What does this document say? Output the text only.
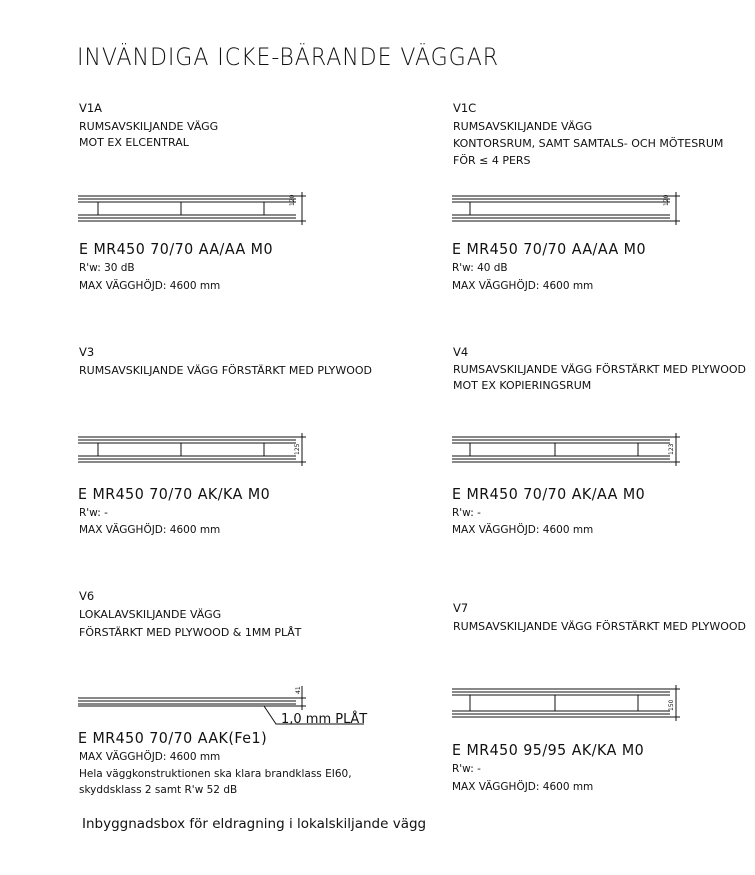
INVÄNDIGA ICKE-BÄRANDE VÄGGAR
V1A
RUMSAVSKILJANDE VÄGG
MOT EX ELCENTRAL
120
E MR450 70/70 AA/AA M0
R'w: 30 dB
MAX VÄGGHÖJD: 4600 mm
V1C
RUMSAVSKILJANDE VÄGG
KONTORSRUM, SAMT SAMTALS- OCH MÖTESRUM
FÖR ≤ 4 PERS
120
E MR450 70/70 AA/AA M0
R'w: 40 dB
MAX VÄGGHÖJD: 4600 mm
V3
RUMSAVSKILJANDE VÄGG FÖRSTÄRKT MED PLYWOOD
125
E MR450 70/70 AK/KA M0
R'w: -
MAX VÄGGHÖJD: 4600 mm
V4
RUMSAVSKILJANDE VÄGG FÖRSTÄRKT MED PLYWOOD
MOT EX KOPIERINGSRUM
123
E MR450 70/70 AK/AA M0
R'w: -
MAX VÄGGHÖJD: 4600 mm
V6
LOKALAVSKILJANDE VÄGG
FÖRSTÄRKT MED PLYWOOD & 1MM PLÅT
41
1,0 mm PLÅT
E MR450 70/70 AAK(Fe1)
MAX VÄGGHÖJD: 4600 mm
Hela väggkonstruktionen ska klara brandklass EI60,
skyddsklass 2 samt R'w 52 dB
V7
RUMSAVSKILJANDE VÄGG FÖRSTÄRKT MED PLYWOOD
150
E MR450 95/95 AK/KA M0
R'w: -
MAX VÄGGHÖJD: 4600 mm
Inbyggnadsbox för eldragning i lokalskiljande vägg
